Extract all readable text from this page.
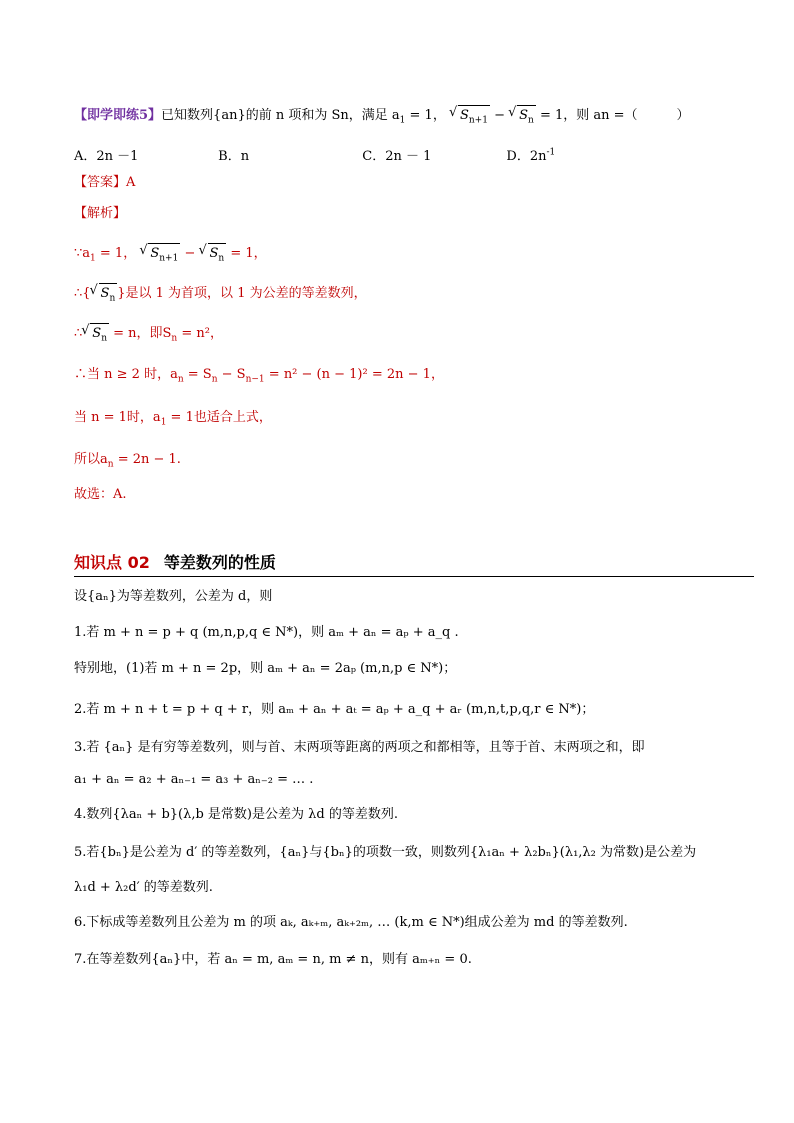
【即学即练5】已知数列{an}的前 n 项和为 Sn，满足 $a_1 = 1$， √ $S_{n+1}$ − √ $S_n = 1$，则 an =（　　　）
A．2n －1	B．n	C．2n － 1	D．$2n^{-1}$
【答案】A
【解析】
$\because a_1 = 1$， √ $S_{n+1}$ − √ $S_n = 1$，
∴{ √ $S_n$ }是以 1 为首项，以 1 为公差的等差数列，
∴ √ $S_n = n$，即$S_n = n^2$，
∴当 n ≥ 2 时，$a_n = S_n - S_{n-1} = n^2 - (n - 1)^2 = 2n - 1$，
当 n = 1时，$a_1 = 1$也适合上式，
所以$a_n = 2n - 1$.
故选：A.
知识点 02 等差数列的性质
设{aₙ}为等差数列，公差为 d，则
1.若 m + n = p + q (m,n,p,q ∈ N*)，则 aₘ + aₙ = aₚ + a_q .
特别地，(1)若 m + n = 2p，则 aₘ + aₙ = 2aₚ (m,n,p ∈ N*)；
2.若 m + n + t = p + q + r，则 aₘ + aₙ + aₜ = aₚ + a_q + aᵣ (m,n,t,p,q,r ∈ N*)；
3.若 {aₙ} 是有穷等差数列，则与首、末两项等距离的两项之和都相等，且等于首、末两项之和，即
a₁ + aₙ = a₂ + aₙ₋₁ = a₃ + aₙ₋₂ = … .
4.数列{λaₙ + b}(λ,b 是常数)是公差为 λd 的等差数列.
5.若{bₙ}是公差为 d′ 的等差数列，{aₙ}与{bₙ}的项数一致，则数列{λ₁aₙ + λ₂bₙ}(λ₁,λ₂ 为常数)是公差为
λ₁d + λ₂d′ 的等差数列.
6.下标成等差数列且公差为 m 的项 aₖ, aₖ₊ₘ, aₖ₊₂ₘ, … (k,m ∈ N*)组成公差为 md 的等差数列.
7.在等差数列{aₙ}中，若 aₙ = m, aₘ = n, m ≠ n，则有 aₘ₊ₙ = 0.
